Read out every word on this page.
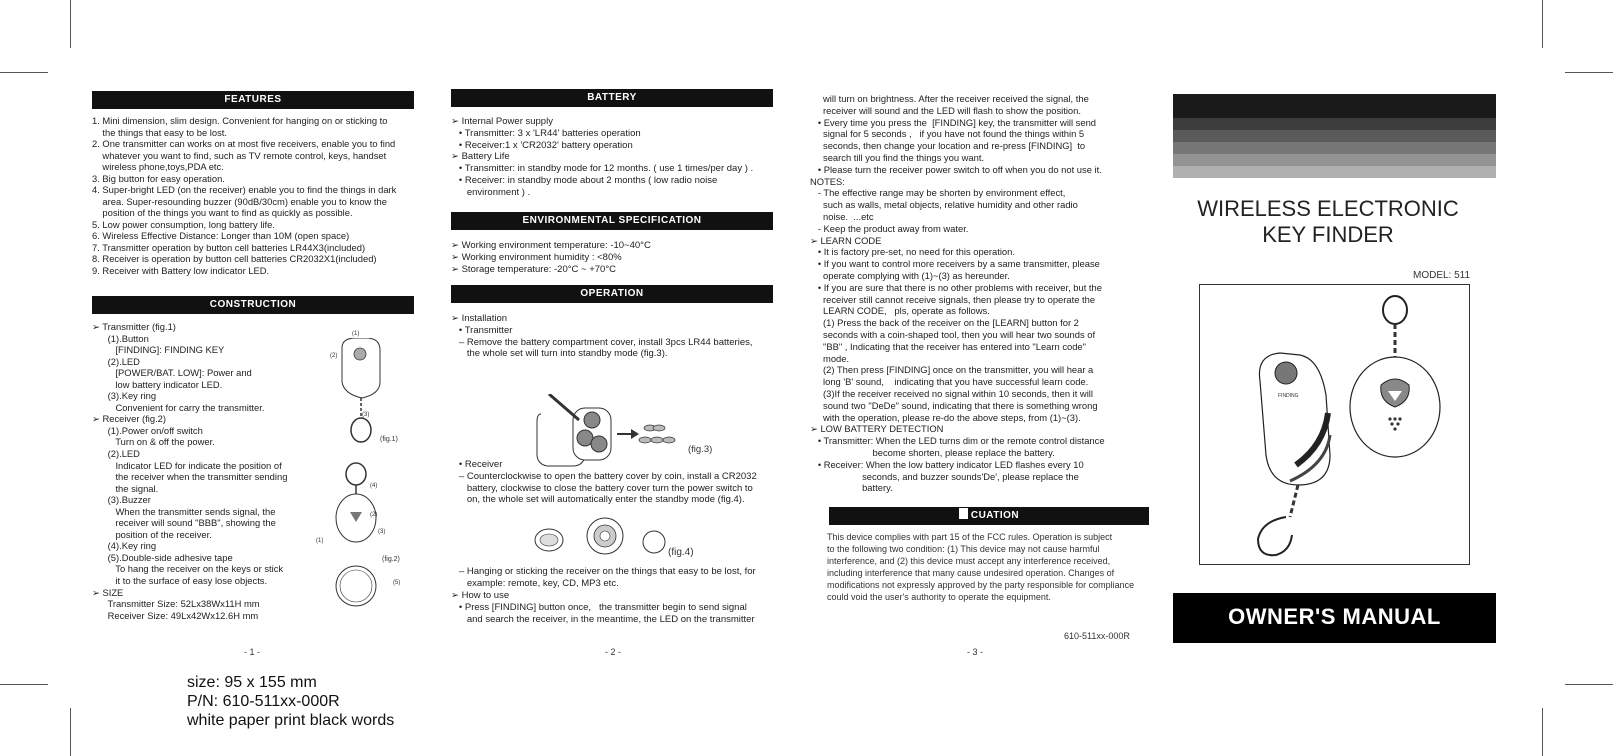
FEATURES
1. Mini dimension, slim design. Convenient for hanging on or sticking to
the things that easy to be lost.
2. One transmitter can works on at most five receivers, enable you to find
whatever you want to find, such as TV remote control, keys, handset
wireless phone,toys,PDA etc.
3. Big button for easy operation.
4. Super-bright LED (on the receiver) enable you to find the things in dark
area. Super-resounding buzzer (90dB/30cm) enable you to know the
position of the things you want to find as quickly as possible.
5. Low power consumption, long battery life.
6. Wireless Effective Distance: Longer than 10M (open space)
7. Transmitter operation by button cell batteries LR44X3(included)
8. Receiver is operation by button cell batteries CR2032X1(included)
9. Receiver with Battery low indicator LED.
CONSTRUCTION
➢ Transmitter (fig.1)
(1).Button
[FINDING]: FINDING KEY
(2).LED
[POWER/BAT. LOW]: Power and
low battery indicator LED.
(3).Key ring
Convenient for carry the transmitter.
➢ Receiver (fig.2)
(1).Power on/off switch
Turn on & off the power.
(2).LED
Indicator LED for indicate the position of
the receiver when the transmitter sending
the signal.
(3).Buzzer
When the transmitter sends signal, the
receiver will sound "BBB", showing the
position of the receiver.
(4).Key ring
(5).Double-side adhesive tape
To hang the receiver on the keys or stick
it to the surface of easy lose objects.
➢ SIZE
Transmitter Size: 52Lx38Wx11H mm
Receiver Size: 49Lx42Wx12.6H mm
(1)
(2)
(3)
(fig.1)
(4)
(2)
(3)
(1)
(5)
(fig.2)
- 1 -
BATTERY
➢ Internal Power supply
• Transmitter: 3 x 'LR44' batteries operation
• Receiver:1 x 'CR2032' battery operation
➢ Battery Life
• Transmitter: in standby mode for 12 months. ( use 1 times/per day ) .
• Receiver: in standby mode about 2 months ( low radio noise
environment ) .
ENVIRONMENTAL SPECIFICATION
➢ Working environment temperature: -10~40°C
➢ Working environment humidity : <80%
➢ Storage temperature: -20°C ~ +70°C
OPERATION
➢ Installation
• Transmitter
– Remove the battery compartment cover, install 3pcs LR44 batteries,
the whole set will turn into standby mode (fig.3).
(fig.3)
• Receiver
– Counterclockwise to open the battery cover by coin, install a CR2032
battery, clockwise to close the battery cover turn the power switch to
on, the whole set will automatically enter the standby mode (fig.4).
(fig.4)
– Hanging or sticking the receiver on the things that easy to be lost, for
example: remote, key, CD, MP3 etc.
➢ How to use
• Press [FINDING] button once,   the transmitter begin to send signal
and search the receiver, in the meantime, the LED on the transmitter
- 2 -
will turn on brightness. After the receiver received the signal, the
receiver will sound and the LED will flash to show the position.
• Every time you press the  [FINDING] key, the transmitter will send
signal for 5 seconds ,   if you have not found the things within 5
seconds, then change your location and re-press [FINDING]  to
search till you find the things you want.
• Please turn the receiver power switch to off when you do not use it.
NOTES:
- The effective range may be shorten by environment effect,
such as walls, metal objects, relative humidity and other radio
noise.  ...etc
- Keep the product away from water.
➢ LEARN CODE
• It is factory pre-set, no need for this operation.
• If you want to control more receivers by a same transmitter, please
operate complying with (1)~(3) as hereunder.
• If you are sure that there is no other problems with receiver, but the
receiver still cannot receive signals, then please try to operate the
LEARN CODE,   pls, operate as follows.
(1) Press the back of the receiver on the [LEARN] button for 2
seconds with a coin-shaped tool, then you will hear two sounds of
"BB" , Indicating that the receiver has entered into "Learn code"
mode.
(2) Then press [FINDING] once on the transmitter, you will hear a
long 'B' sound,    indicating that you have successful learn code.
(3)If the receiver received no signal within 10 seconds, then it will
sound two "DeDe" sound, indicating that there is something wrong
with the operation, please re-do the above steps, from (1)~(3).
➢ LOW BATTERY DETECTION
• Transmitter: When the LED turns dim or the remote control distance
become shorten, please replace the battery.
• Receiver: When the low battery indicator LED flashes every 10
seconds, and buzzer sounds'De', please replace the
battery.
CUATION
This device complies with part 15 of the FCC rules. Operation is subject
to the following two condition: (1) This device may not cause harmful
interference, and (2) this device must accept any interference received,
including interference that many cause undesired operation. Changes of
modifications not expressly approved by the party responsible for compliance
could void the user's authority to operate the equipment.
610-511xx-000R
- 3 -
WIRELESS ELECTRONIC
KEY FINDER
MODEL: 511
FINDING
OWNER'S MANUAL
size: 95 x 155 mm
P/N: 610-511xx-000R
white paper print black words
